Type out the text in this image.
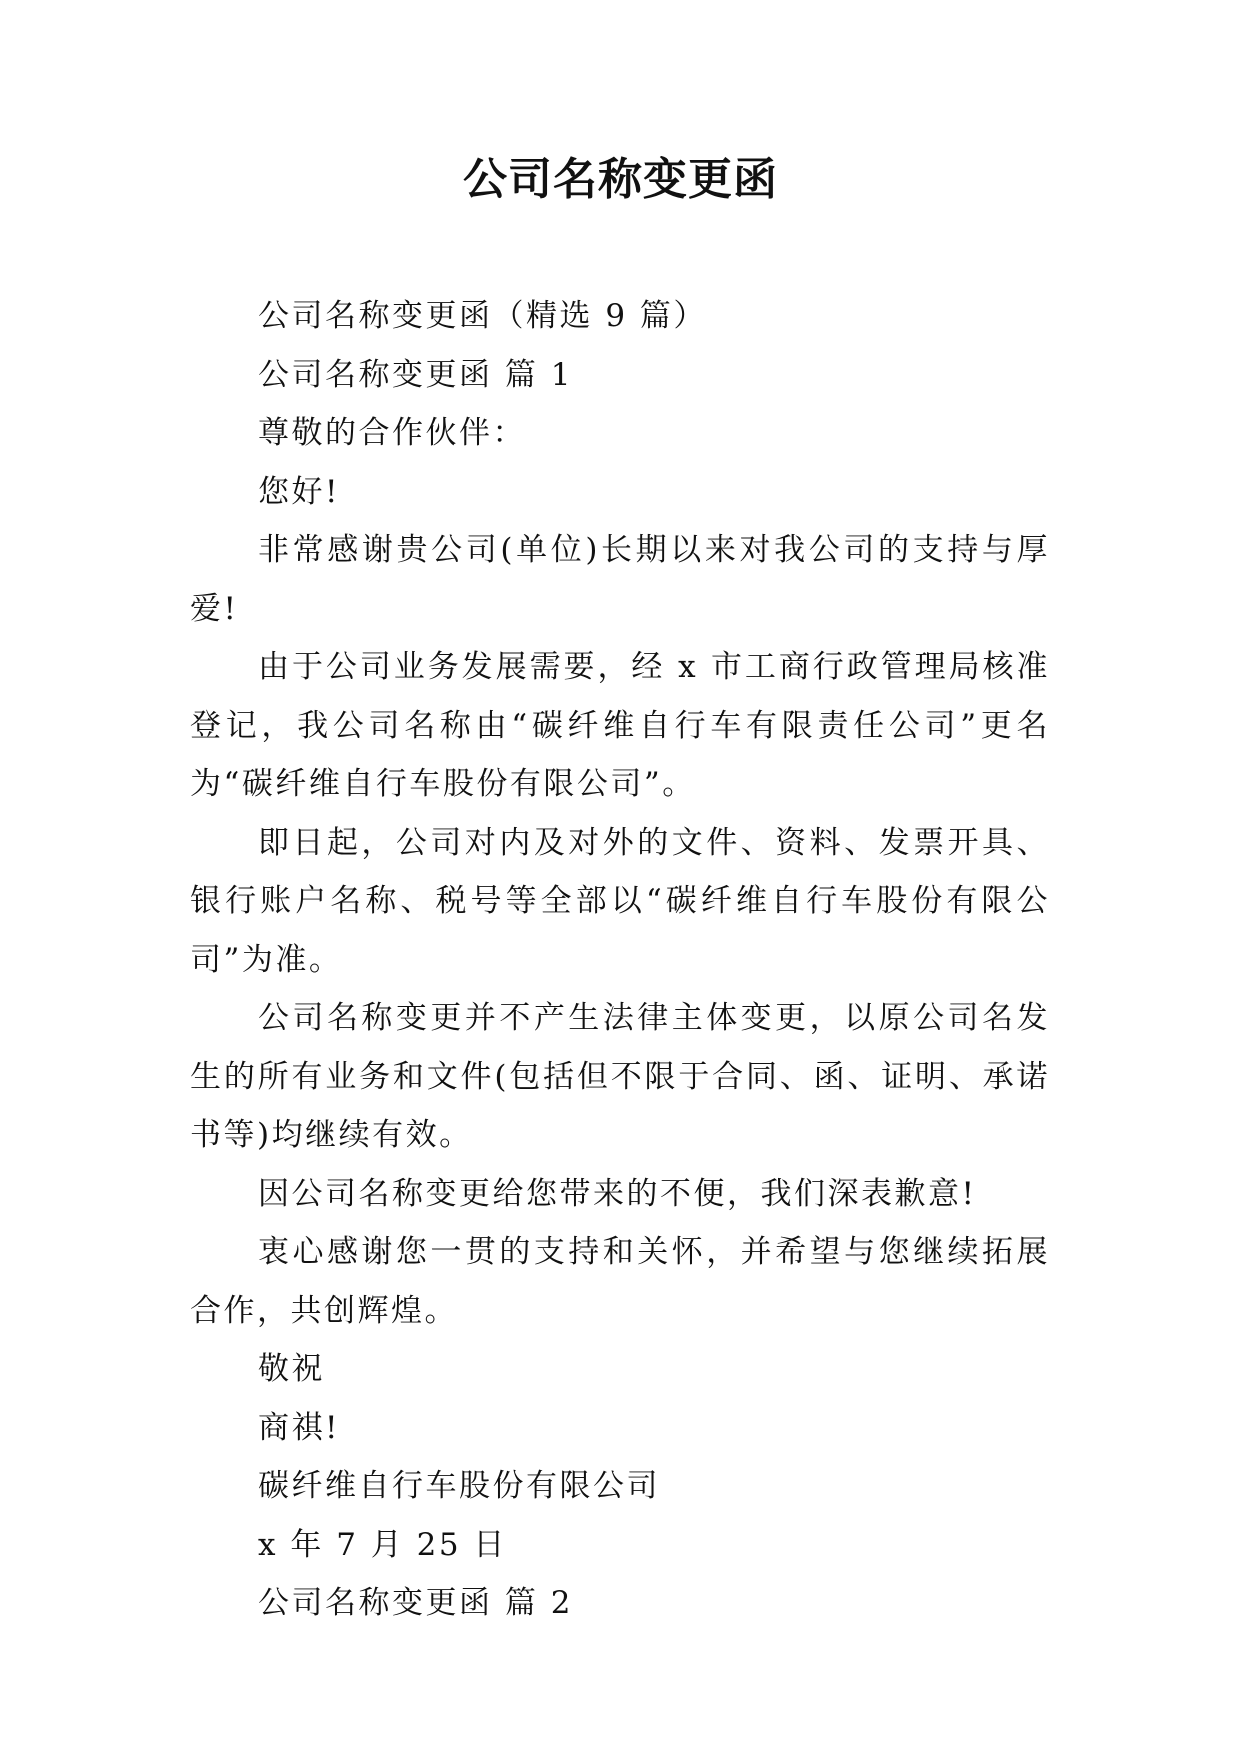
公司名称变更函

公司名称变更函（精选 9 篇）

公司名称变更函 篇 1

尊敬的合作伙伴：

您好!

非常感谢贵公司(单位)长期以来对我公司的支持与厚爱!

由于公司业务发展需要，经 x 市工商行政管理局核准登记，我公司名称由“碳纤维自行车有限责任公司”更名为“碳纤维自行车股份有限公司”。

即日起，公司对内及对外的文件、资料、发票开具、银行账户名称、税号等全部以“碳纤维自行车股份有限公司”为准。

公司名称变更并不产生法律主体变更，以原公司名发生的所有业务和文件(包括但不限于合同、函、证明、承诺书等)均继续有效。

因公司名称变更给您带来的不便，我们深表歉意!

衷心感谢您一贯的支持和关怀，并希望与您继续拓展合作，共创辉煌。

敬祝

商祺!

碳纤维自行车股份有限公司

x 年 7 月 25 日

公司名称变更函 篇 2
